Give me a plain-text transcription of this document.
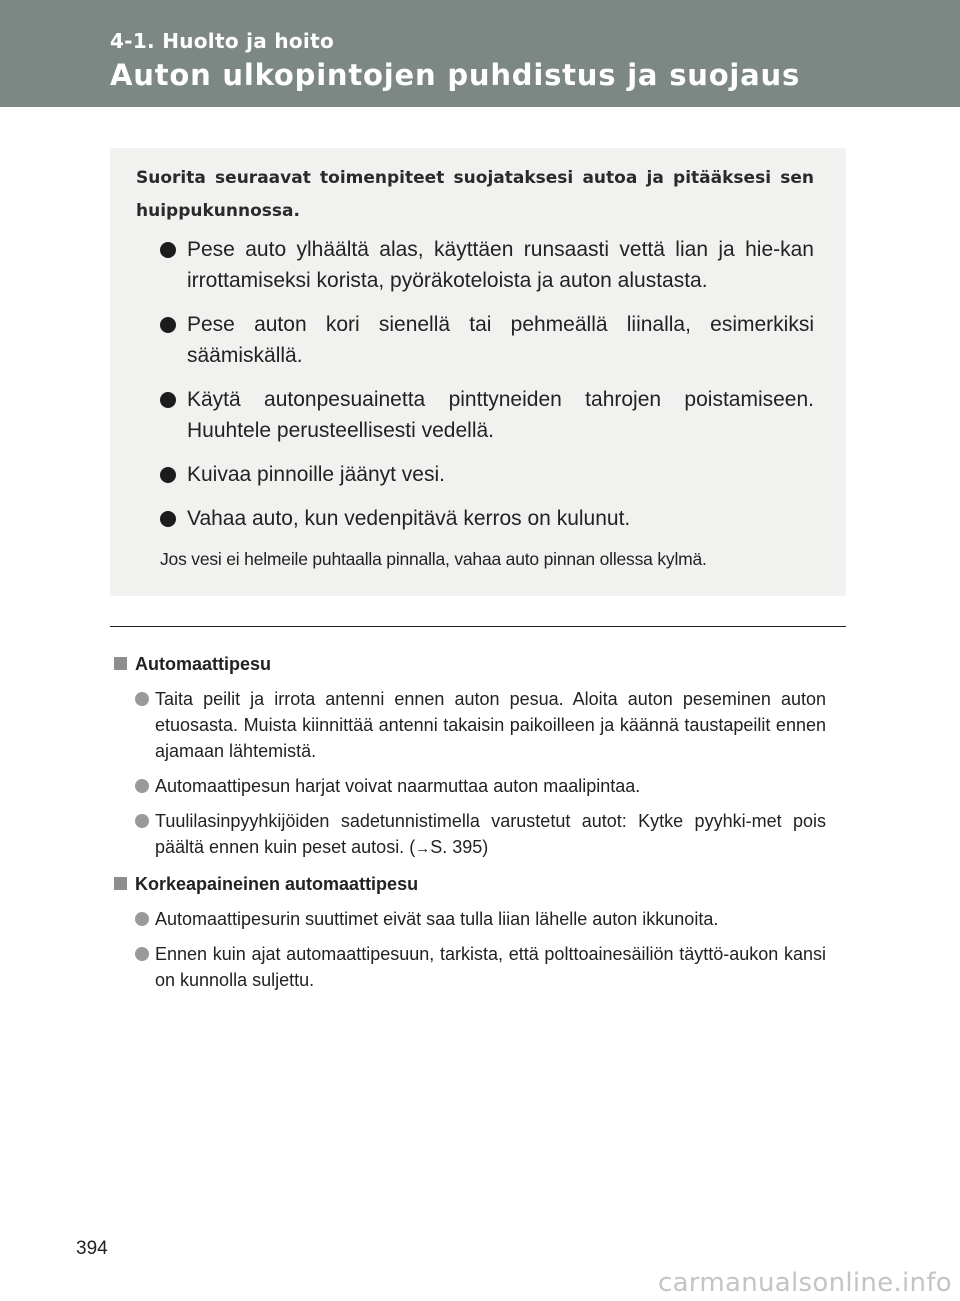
4-1. Huolto ja hoito
Auton ulkopintojen puhdistus ja suojaus

Suorita seuraavat toimenpiteet suojataksesi autoa ja pitääksesi sen huippukunnossa.

Pese auto ylhäältä alas, käyttäen runsaasti vettä lian ja hie-kan irrottamiseksi korista, pyöräkoteloista ja auton alustasta.
Pese auton kori sienellä tai pehmeällä liinalla, esimerkiksi säämiskällä.
Käytä autonpesuainetta pinttyneiden tahrojen poistamiseen. Huuhtele perusteellisesti vedellä.
Kuivaa pinnoille jäänyt vesi.
Vahaa auto, kun vedenpitävä kerros on kulunut.

Jos vesi ei helmeile puhtaalla pinnalla, vahaa auto pinnan ollessa kylmä.

Automaattipesu
Taita peilit ja irrota antenni ennen auton pesua. Aloita auton peseminen auton etuosasta. Muista kiinnittää antenni takaisin paikoilleen ja käännä taustapeilit ennen ajamaan lähtemistä.
Automaattipesun harjat voivat naarmuttaa auton maalipintaa.
Tuulilasinpyyhkijöiden sadetunnistimella varustetut autot: Kytke pyyhki-met pois päältä ennen kuin peset autosi. (→S. 395)
Korkeapaineinen automaattipesu
Automaattipesurin suuttimet eivät saa tulla liian lähelle auton ikkunoita.
Ennen kuin ajat automaattipesuun, tarkista, että polttoainesäiliön täyttö-aukon kansi on kunnolla suljettu.
394
carmanualsonline.info
